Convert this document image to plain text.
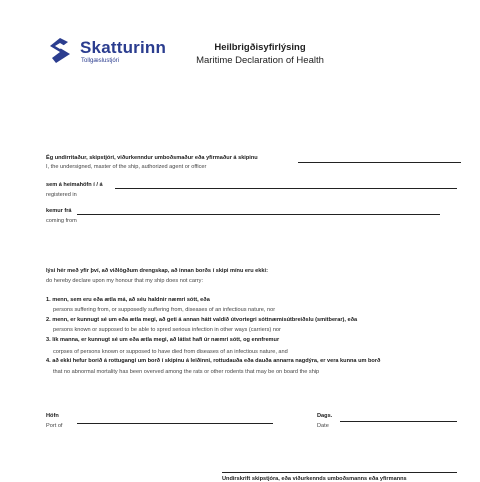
Skatturinn
Tollgæslustjóri
Heilbrigðisyfirlýsing
Maritime Declaration of Health
Ég undirritaður, skipstjóri, viðurkenndur umboðsmaður eða yfirmaður á skipinu
I, the undersigned, master of the ship, authorized agent or officer
sem á heimahöfn í / á
registered in
kemur frá
coming from
lýsi hér með yfir því, að viðlögðum drengskap, að innan borðs í skipi mínu eru ekki:
do hereby declare upon my honour that my ship does not carry:
1. menn, sem eru eða ætla má, að séu haldnir næmri sótt, eða
persons suffering from, or supposedly suffering from, diseases of an infectious nature, nor
2. menn, er kunnugt sé um eða ætla megi, að geti á annan hátt valdið útvortegri sóttnæmisútbreiðslu (smitberar), eða
persons known or supposed to be able to spred serious infection in other ways (carriers) nor
3. lík manna, er kunnugt sé um eða ætla megi, að látist hafi úr næmri sótt, og ennfremur
corpses of persons known or supposed to have died from diseases of an infectious nature, and
4. að ekki hefur borið á rottugangi um borð í skipinu á leiðinni, rottudauða eða dauða annarra nagdýra, er vera kunna um borð
that no abnormal mortality has been overved among the rats or other rodents that may be on board the ship
Höfn
Port of
Dags.
Date
Undirskrift skipstjóra, eða viðurkennds umboðsmanns eða yfirmanns
